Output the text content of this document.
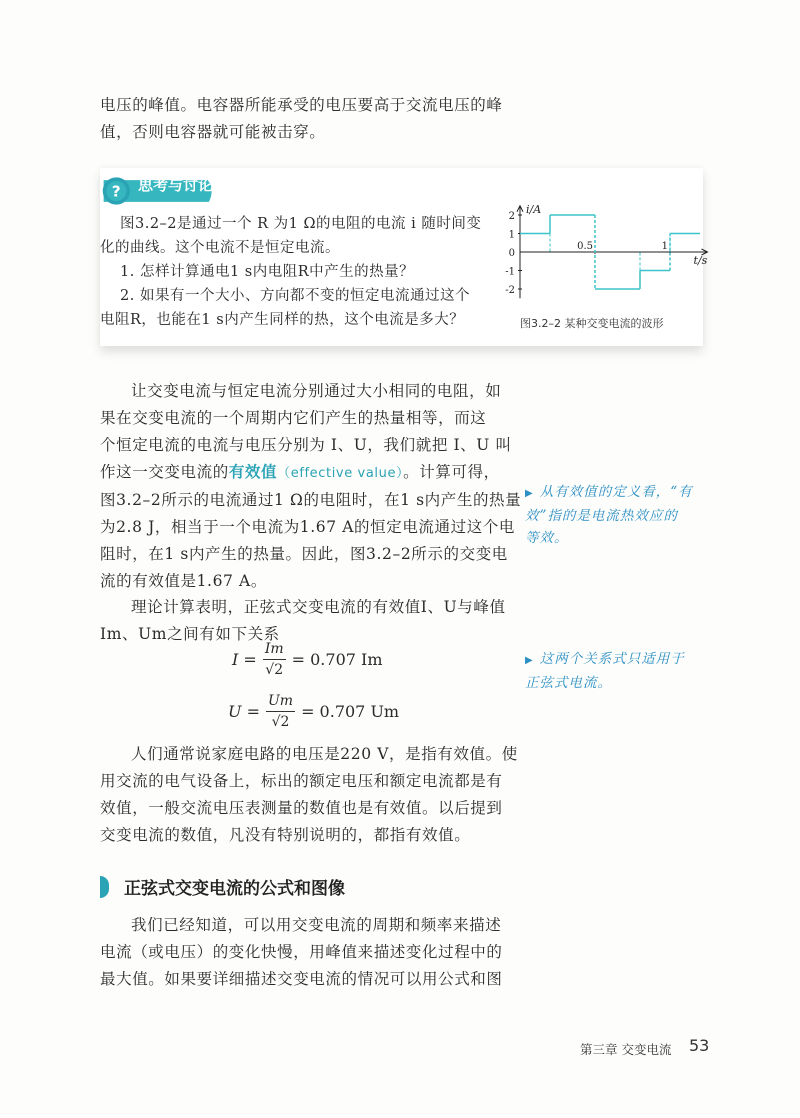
电压的峰值。电容器所能承受的电压要高于交流电压的峰
值，否则电容器就可能被击穿。
? 思考与讨论
图3.2–2是通过一个 R 为1 Ω的电阻的电流 i 随时间变
化的曲线。这个电流不是恒定电流。
1. 怎样计算通电1 s内电阻R中产生的热量？
2. 如果有一个大小、方向都不变的恒定电流通过这个
电阻R，也能在1 s内产生同样的热，这个电流是多大？
i/A
t/s
2
1
0
-1
-2
0.5	1
图3.2–2 某种交变电流的波形
让交变电流与恒定电流分别通过大小相同的电阻，如
果在交变电流的一个周期内它们产生的热量相等，而这
个恒定电流的电流与电压分别为 I、U，我们就把 I、U 叫
作这一交变电流的有效值（effective value）。计算可得，
图3.2–2所示的电流通过1 Ω的电阻时，在1 s内产生的热量
为2.8 J，相当于一个电流为1.67 A的恒定电流通过这个电
阻时，在1 s内产生的热量。因此，图3.2–2所示的交变电
流的有效值是1.67 A。
▶ 从有效值的定义看，“有
效”指的是电流热效应的
等效。
理论计算表明，正弦式交变电流的有效值I、U与峰值
Im、Um之间有如下关系
$I = \frac{Im}{√2} = 0.707$ Im
$U = \frac{Um}{√2} = 0.707$ Um
▶ 这两个关系式只适用于
正弦式电流。
人们通常说家庭电路的电压是220 V，是指有效值。使
用交流的电气设备上，标出的额定电压和额定电流都是有
效值，一般交流电压表测量的数值也是有效值。以后提到
交变电流的数值，凡没有特别说明的，都指有效值。
正弦式交变电流的公式和图像
我们已经知道，可以用交变电流的周期和频率来描述
电流（或电压）的变化快慢，用峰值来描述变化过程中的
最大值。如果要详细描述交变电流的情况可以用公式和图
第三章 交变电流 53
